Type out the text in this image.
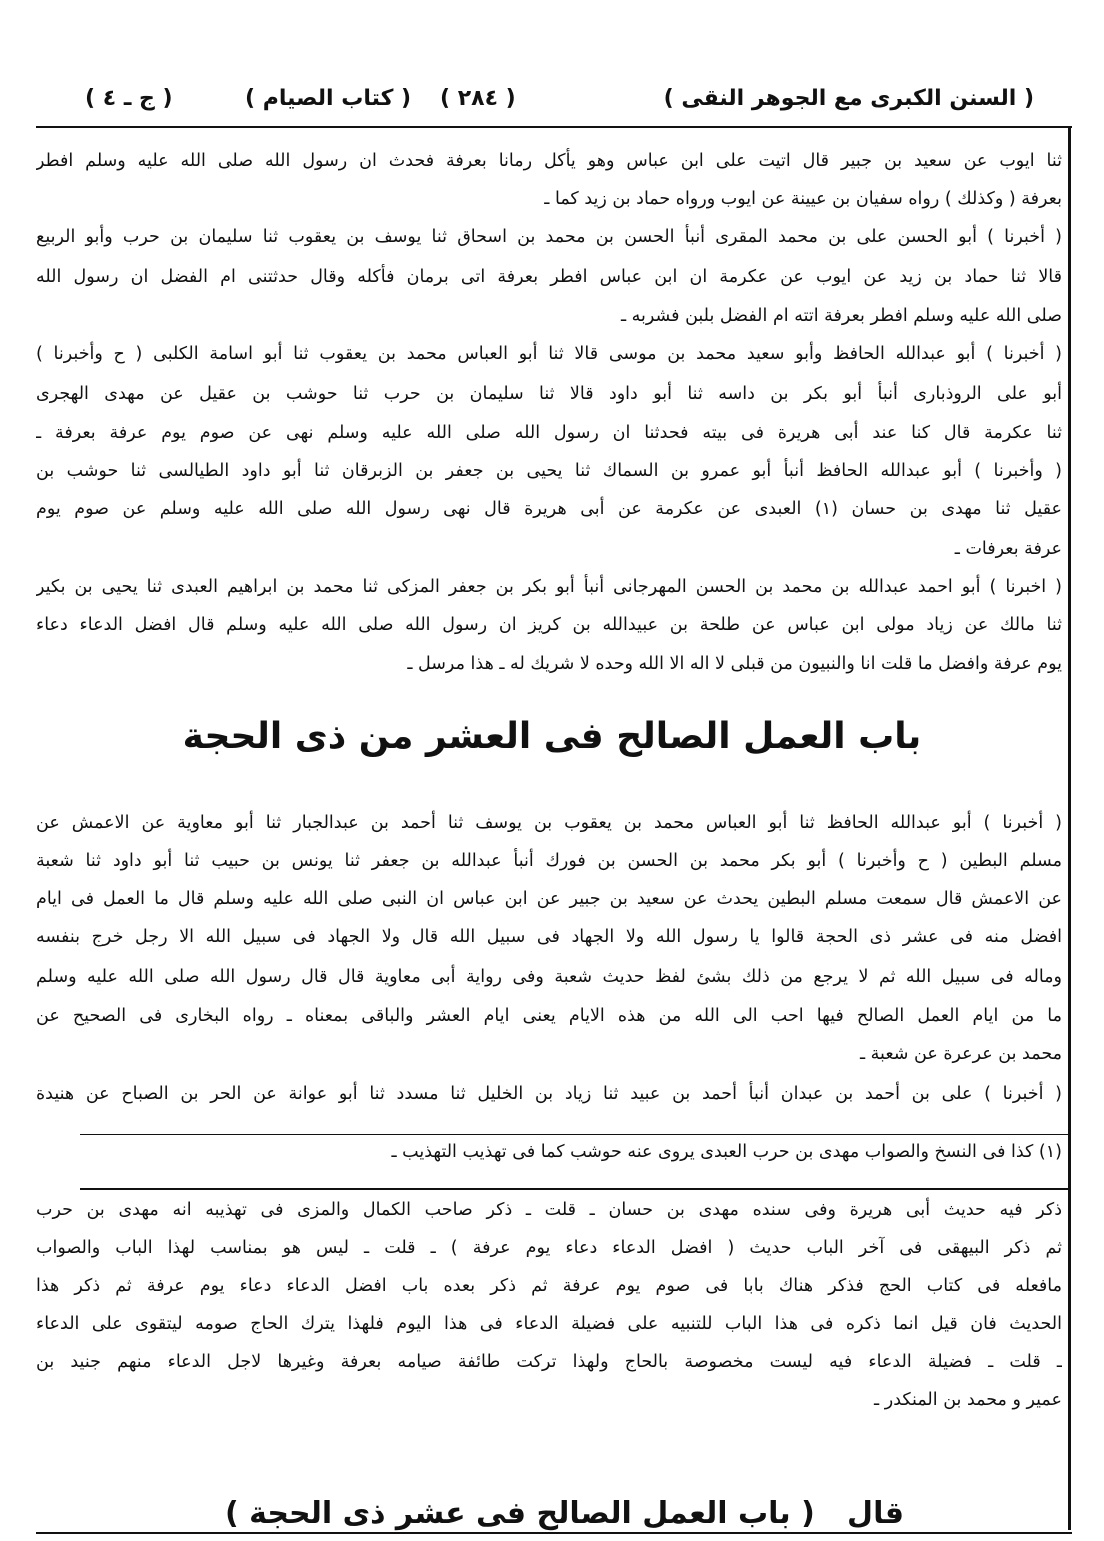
( السنن الكبرى مع الجوهر النقى )
( ٢٨٤ )
( كتاب الصيام )
( ج ـ ٤ )
ثنا ايوب عن سعيد بن جبير قال اتيت على ابن عباس وهو يأكل رمانا بعرفة فحدث ان رسول الله صلى الله عليه وسلم افطر
بعرفة ( وكذلك ) رواه سفيان بن عيينة عن ايوب ورواه حماد بن زيد كما ـ
( أخبرنا ) أبو الحسن على بن محمد المقرى أنبأ الحسن بن محمد بن اسحاق ثنا يوسف بن يعقوب ثنا سليمان بن حرب وأبو الربيع
قالا ثنا حماد بن زيد عن ايوب عن عكرمة ان ابن عباس افطر بعرفة اتى برمان فأكله وقال حدثتنى ام الفضل ان رسول الله
صلى الله عليه وسلم افطر بعرفة اتته ام الفضل بلبن فشربه ـ
( أخبرنا ) أبو عبدالله الحافظ وأبو سعيد محمد بن موسى قالا ثنا أبو العباس محمد بن يعقوب ثنا أبو اسامة الكلبى ( ح وأخبرنا )
أبو على الروذبارى أنبأ أبو بكر بن داسه ثنا أبو داود قالا ثنا سليمان بن حرب ثنا حوشب بن عقيل عن مهدى الهجرى
ثنا عكرمة قال كنا عند أبى هريرة فى بيته فحدثنا ان رسول الله صلى الله عليه وسلم نهى عن صوم يوم عرفة بعرفة ـ
( وأخبرنا ) أبو عبدالله الحافظ أنبأ أبو عمرو بن السماك ثنا يحيى بن جعفر بن الزبرقان ثنا أبو داود الطيالسى ثنا حوشب بن
عقيل ثنا مهدى بن حسان (١) العبدى عن عكرمة عن أبى هريرة قال نهى رسول الله صلى الله عليه وسلم عن صوم يوم
عرفة بعرفات ـ
( اخبرنا ) أبو احمد عبدالله بن محمد بن الحسن المهرجانى أنبأ أبو بكر بن جعفر المزكى ثنا محمد بن ابراهيم العبدى ثنا يحيى بن بكير
ثنا مالك عن زياد مولى ابن عباس عن طلحة بن عبيدالله بن كريز ان رسول الله صلى الله عليه وسلم قال افضل الدعاء دعاء
يوم عرفة وافضل ما قلت انا والنبيون من قبلى لا اله الا الله وحده لا شريك له ـ هذا مرسل ـ
( أخبرنا ) أبو عبدالله الحافظ ثنا أبو العباس محمد بن يعقوب بن يوسف ثنا أحمد بن عبدالجبار ثنا أبو معاوية عن الاعمش عن
مسلم البطين ( ح وأخبرنا ) أبو بكر محمد بن الحسن بن فورك أنبأ عبدالله بن جعفر ثنا يونس بن حبيب ثنا أبو داود ثنا شعبة
عن الاعمش قال سمعت مسلم البطين يحدث عن سعيد بن جبير عن ابن عباس ان النبى صلى الله عليه وسلم قال ما العمل فى ايام
افضل منه فى عشر ذى الحجة قالوا يا رسول الله ولا الجهاد فى سبيل الله قال ولا الجهاد فى سبيل الله الا رجل خرج بنفسه
وماله فى سبيل الله ثم لا يرجع من ذلك بشئ لفظ حديث شعبة وفى رواية أبى معاوية قال قال رسول الله صلى الله عليه وسلم
ما من ايام العمل الصالح فيها احب الى الله من هذه الايام يعنى ايام العشر والباقى بمعناه ـ رواه البخارى فى الصحيح عن
محمد بن عرعرة عن شعبة ـ
( أخبرنا ) على بن أحمد بن عبدان أنبأ أحمد بن عبيد ثنا زياد بن الخليل ثنا مسدد ثنا أبو عوانة عن الحر بن الصباح عن هنيدة
باب العمل الصالح فى العشر من ذى الحجة
(١) كذا فى النسخ والصواب مهدى بن حرب العبدى يروى عنه حوشب كما فى تهذيب التهذيب ـ
ذكر فيه حديث أبى هريرة وفى سنده مهدى بن حسان ـ قلت ـ ذكر صاحب الكمال والمزى فى تهذيبه انه مهدى بن حرب
ثم ذكر البيهقى فى آخر الباب حديث ( افضل الدعاء دعاء يوم عرفة ) ـ قلت ـ ليس هو بمناسب لهذا الباب والصواب
مافعله فى كتاب الحج فذكر هناك بابا فى صوم يوم عرفة ثم ذكر بعده باب افضل الدعاء دعاء يوم عرفة ثم ذكر هذا
الحديث فان قيل انما ذكره فى هذا الباب للتنبيه على فضيلة الدعاء فى هذا اليوم فلهذا يترك الحاج صومه ليتقوى على الدعاء
ـ قلت ـ فضيلة الدعاء فيه ليست مخصوصة بالحاج ولهذا تركت طائفة صيامه بعرفة وغيرها لاجل الدعاء منهم جنيد بن
عمير و محمد بن المنكدر ـ
قال
( باب العمل الصالح فى عشر ذى الحجة )
